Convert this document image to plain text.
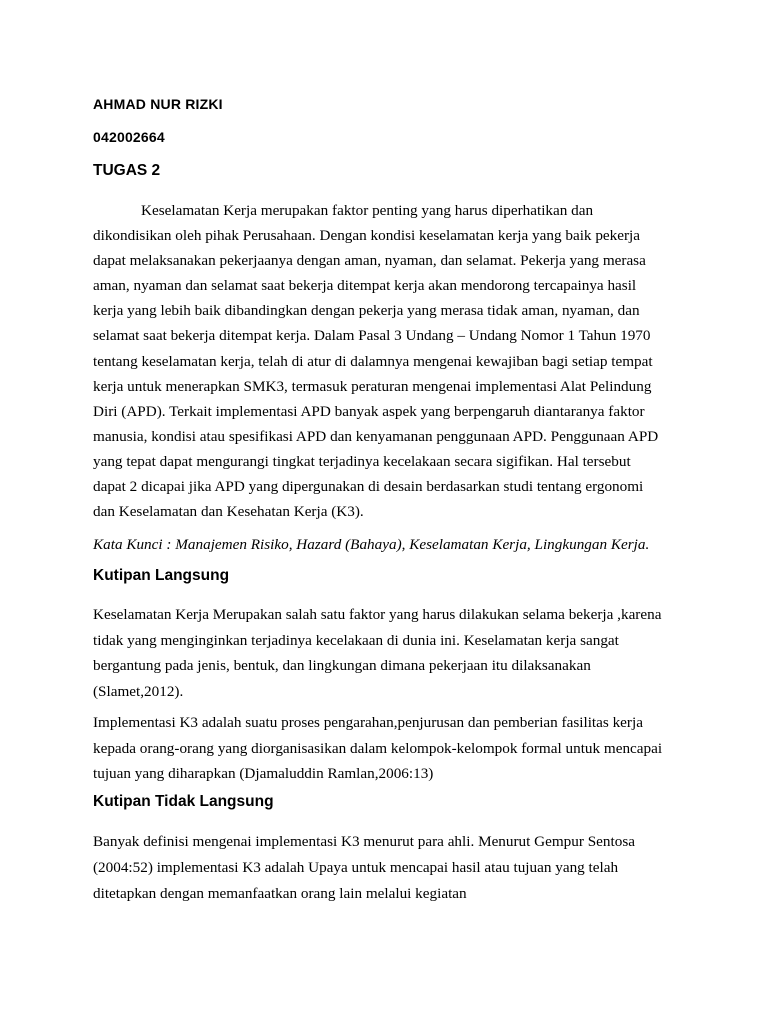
AHMAD NUR RIZKI
042002664
TUGAS 2
Keselamatan Kerja merupakan faktor penting yang harus diperhatikan dan
dikondisikan oleh pihak Perusahaan. Dengan kondisi keselamatan kerja yang baik pekerja
dapat melaksanakan pekerjaanya dengan aman, nyaman, dan selamat. Pekerja yang merasa
aman, nyaman dan selamat saat bekerja ditempat kerja akan mendorong tercapainya hasil
kerja yang lebih baik dibandingkan dengan pekerja yang merasa tidak aman, nyaman, dan
selamat saat bekerja ditempat kerja. Dalam Pasal 3 Undang – Undang Nomor 1 Tahun 1970
tentang keselamatan kerja, telah di atur di dalamnya mengenai kewajiban bagi setiap tempat
kerja untuk menerapkan SMK3, termasuk peraturan mengenai implementasi Alat Pelindung
Diri (APD). Terkait implementasi APD banyak aspek yang berpengaruh diantaranya faktor
manusia, kondisi atau spesifikasi APD dan kenyamanan penggunaan APD. Penggunaan APD
yang tepat dapat mengurangi tingkat terjadinya kecelakaan secara sigifikan. Hal tersebut
dapat 2 dicapai jika APD yang dipergunakan di desain berdasarkan studi tentang ergonomi
dan Keselamatan dan Kesehatan Kerja (K3).
Kata Kunci : Manajemen Risiko, Hazard (Bahaya), Keselamatan Kerja, Lingkungan Kerja.
Kutipan Langsung
Keselamatan Kerja Merupakan salah satu faktor yang harus dilakukan selama bekerja ,karena
tidak yang menginginkan terjadinya kecelakaan di dunia ini. Keselamatan kerja sangat
bergantung pada jenis, bentuk, dan lingkungan dimana pekerjaan itu dilaksanakan
(Slamet,2012).
Implementasi K3 adalah suatu proses pengarahan,penjurusan dan pemberian fasilitas kerja
kepada orang-orang yang diorganisasikan dalam kelompok-kelompok formal untuk mencapai
tujuan yang diharapkan (Djamaluddin Ramlan,2006:13)
Kutipan Tidak Langsung
Banyak definisi mengenai implementasi K3 menurut para ahli. Menurut Gempur Sentosa
(2004:52) implementasi K3 adalah Upaya untuk mencapai hasil atau tujuan yang telah
ditetapkan dengan memanfaatkan orang lain melalui kegiatan
